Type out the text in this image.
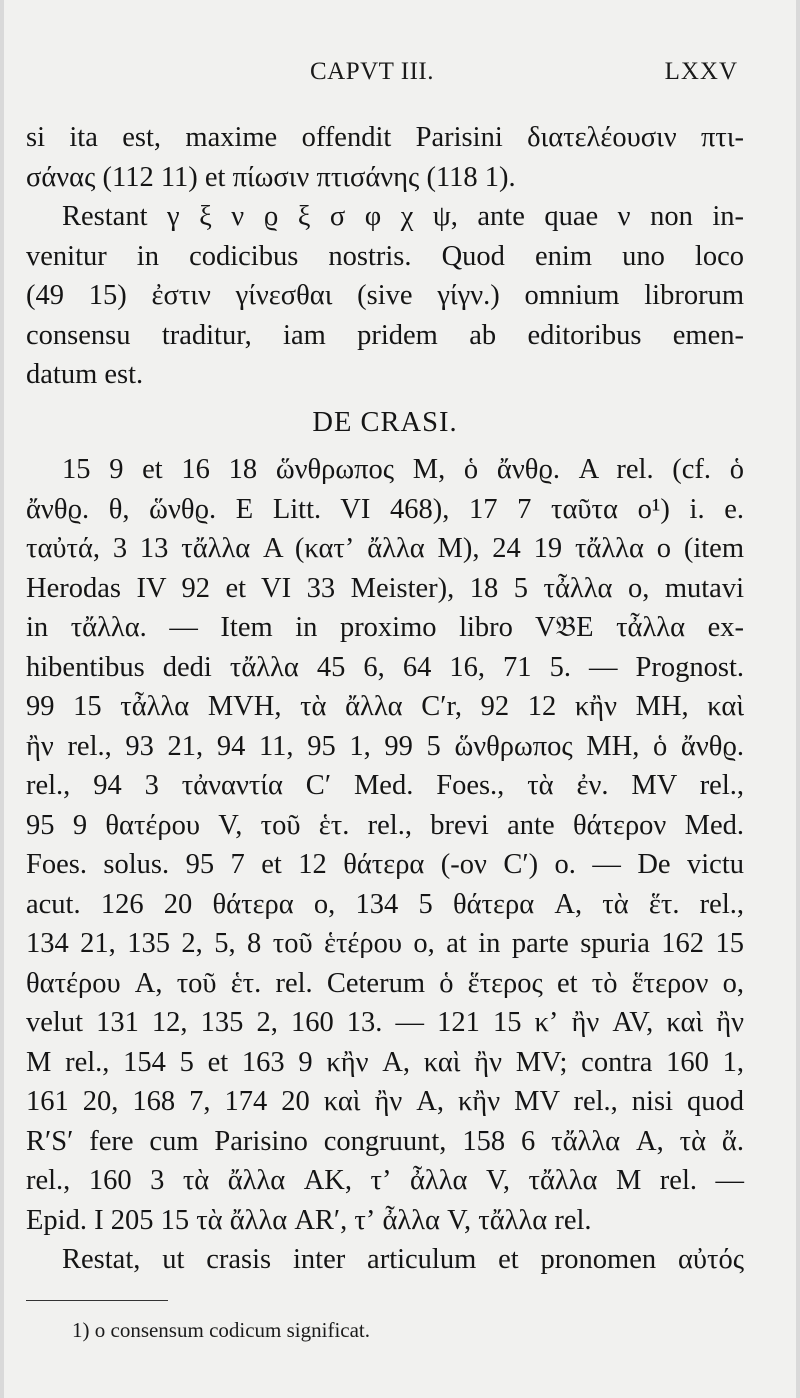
CAPVT III.	LXXV
si ita est, maxime offendit Parisini διατελέουσιν πτι-
σάνας (112 11) et πίωσιν πτισάνης (118 1).
Restant γ ξ ν ϱ ξ σ φ χ ψ, ante quae ν non in-
venitur in codicibus nostris. Quod enim uno loco
(49 15) ἐστιν γίνεσθαι (sive γίγν.) omnium librorum
consensu traditur, iam pridem ab editoribus emen-
datum est.
DE CRASI.
15 9 et 16 18 ὥνθρωπος M, ὁ ἄνθϱ. A rel. (cf. ὁ
ἄνθϱ. θ, ὥνθϱ. E Litt. VI 468), 17 7 ταῦτα o¹) i. e.
ταὐτά, 3 13 τἄλλα A (κατʼ ἄλλα M), 24 19 τἄλλα o (item
Herodas IV 92 et VI 33 Meister), 18 5 τἆλλα o, mutavi
in τἄλλα. — Item in proximo libro V𝔅E τἆλλα ex-
hibentibus dedi τἄλλα 45 6, 64 16, 71 5. — Prognost.
99 15 τἆλλα MVH, τὰ ἄλλα C′r, 92 12 κἢν MH, καὶ
ἢν rel., 93 21, 94 11, 95 1, 99 5 ὥνθρωπος MH, ὁ ἄνθϱ.
rel., 94 3 τἀναντία C′ Med. Foes., τὰ ἐν. MV rel.,
95 9 θατέρου V, τοῦ ἑτ. rel., brevi ante θάτερον Med.
Foes. solus. 95 7 et 12 θάτερα (-ον C′) o. — De victu
acut. 126 20 θάτερα o, 134 5 θάτερα A, τὰ ἕτ. rel.,
134 21, 135 2, 5, 8 τοῦ ἑτέρου o, at in parte spuria 162 15
θατέρου A, τοῦ ἑτ. rel. Ceterum ὁ ἕτερος et τὸ ἕτερον o,
velut 131 12, 135 2, 160 13. — 121 15 κʼ ἢν AV, καὶ ἢν
M rel., 154 5 et 163 9 κἢν A, καὶ ἢν MV; contra 160 1,
161 20, 168 7, 174 20 καὶ ἢν A, κἢν MV rel., nisi quod
R′S′ fere cum Parisino congruunt, 158 6 τἄλλα A, τὰ ἄ.
rel., 160 3 τὰ ἄλλα AK, τʼ ἆλλα V, τἄλλα M rel. —
Epid. I 205 15 τὰ ἄλλα AR′, τʼ ἆλλα V, τἄλλα rel.
Restat, ut crasis inter articulum et pronomen αὐτός
1) o consensum codicum significat.
